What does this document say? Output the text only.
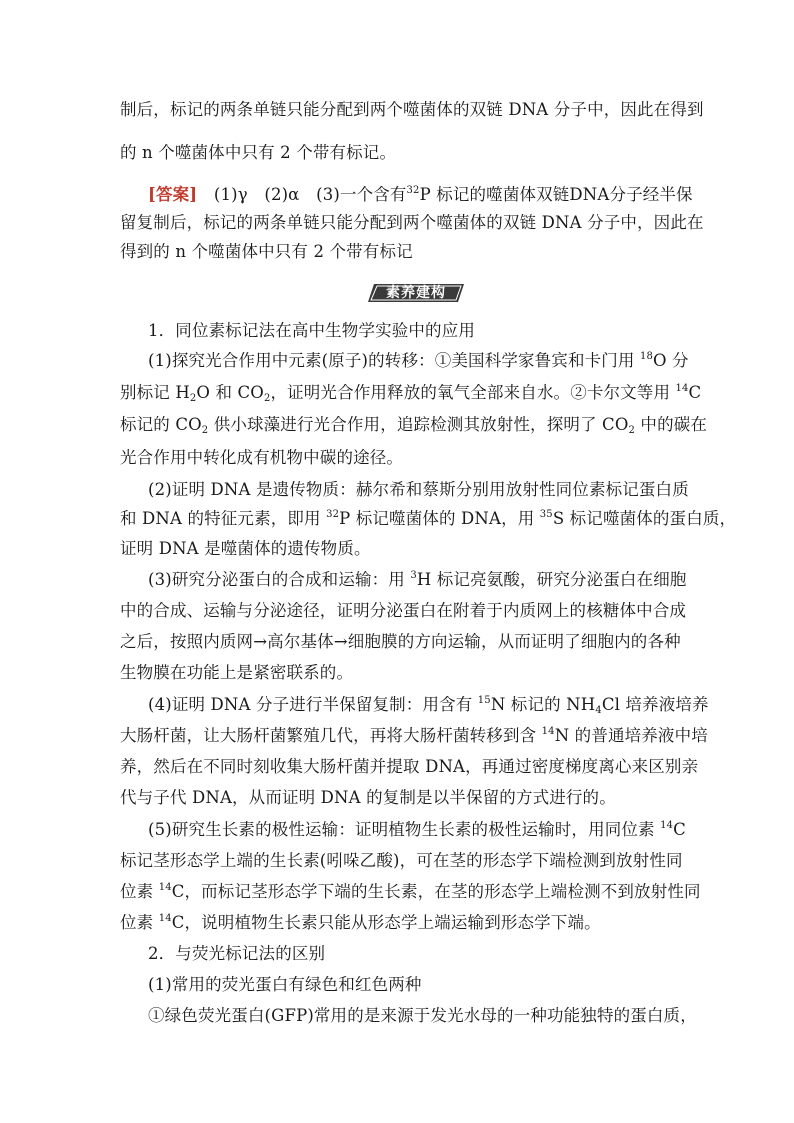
制后，标记的两条单链只能分配到两个噬菌体的双链 DNA 分子中，因此在得到
的 n 个噬菌体中只有 2 个带有标记。
[答案]　 (1)γ　(2)α　(3)一个含有$^{32}$P 标记的噬菌体双链DNA分子经半保
留复制后，标记的两条单链只能分配到两个噬菌体的双链 DNA 分子中，因此在
得到的 n 个噬菌体中只有 2 个带有标记
素养建构
1．同位素标记法在高中生物学实验中的应用
(1)探究光合作用中元素(原子)的转移：①美国科学家鲁宾和卡门用 $^{18}$O 分
别标记 $H_2O$ 和 $CO_2$，证明光合作用释放的氧气全部来自水。②卡尔文等用 $^{14}$C
标记的 $CO_2$ 供小球藻进行光合作用，追踪检测其放射性，探明了 $CO_2$ 中的碳在
光合作用中转化成有机物中碳的途径。
(2)证明 DNA 是遗传物质：赫尔希和蔡斯分别用放射性同位素标记蛋白质
和 DNA 的特征元素，即用 $^{32}$P 标记噬菌体的 DNA，用 $^{35}$S 标记噬菌体的蛋白质，
证明 DNA 是噬菌体的遗传物质。
(3)研究分泌蛋白的合成和运输：用 $^3$H 标记亮氨酸，研究分泌蛋白在细胞
中的合成、运输与分泌途径，证明分泌蛋白在附着于内质网上的核糖体中合成
之后，按照内质网→高尔基体→细胞膜的方向运输，从而证明了细胞内的各种
生物膜在功能上是紧密联系的。
(4)证明 DNA 分子进行半保留复制：用含有 $^{15}$N 标记的 $NH_4Cl$ 培养液培养
大肠杆菌，让大肠杆菌繁殖几代，再将大肠杆菌转移到含 $^{14}$N 的普通培养液中培
养，然后在不同时刻收集大肠杆菌并提取 DNA，再通过密度梯度离心来区别亲
代与子代 DNA，从而证明 DNA 的复制是以半保留的方式进行的。
(5)研究生长素的极性运输：证明植物生长素的极性运输时，用同位素 $^{14}$C
标记茎形态学上端的生长素(吲哚乙酸)，可在茎的形态学下端检测到放射性同
位素 $^{14}$C，而标记茎形态学下端的生长素，在茎的形态学上端检测不到放射性同
位素 $^{14}$C，说明植物生长素只能从形态学上端运输到形态学下端。
2．与荧光标记法的区别
(1)常用的荧光蛋白有绿色和红色两种
①绿色荧光蛋白(GFP)常用的是来源于发光水母的一种功能独特的蛋白质，
